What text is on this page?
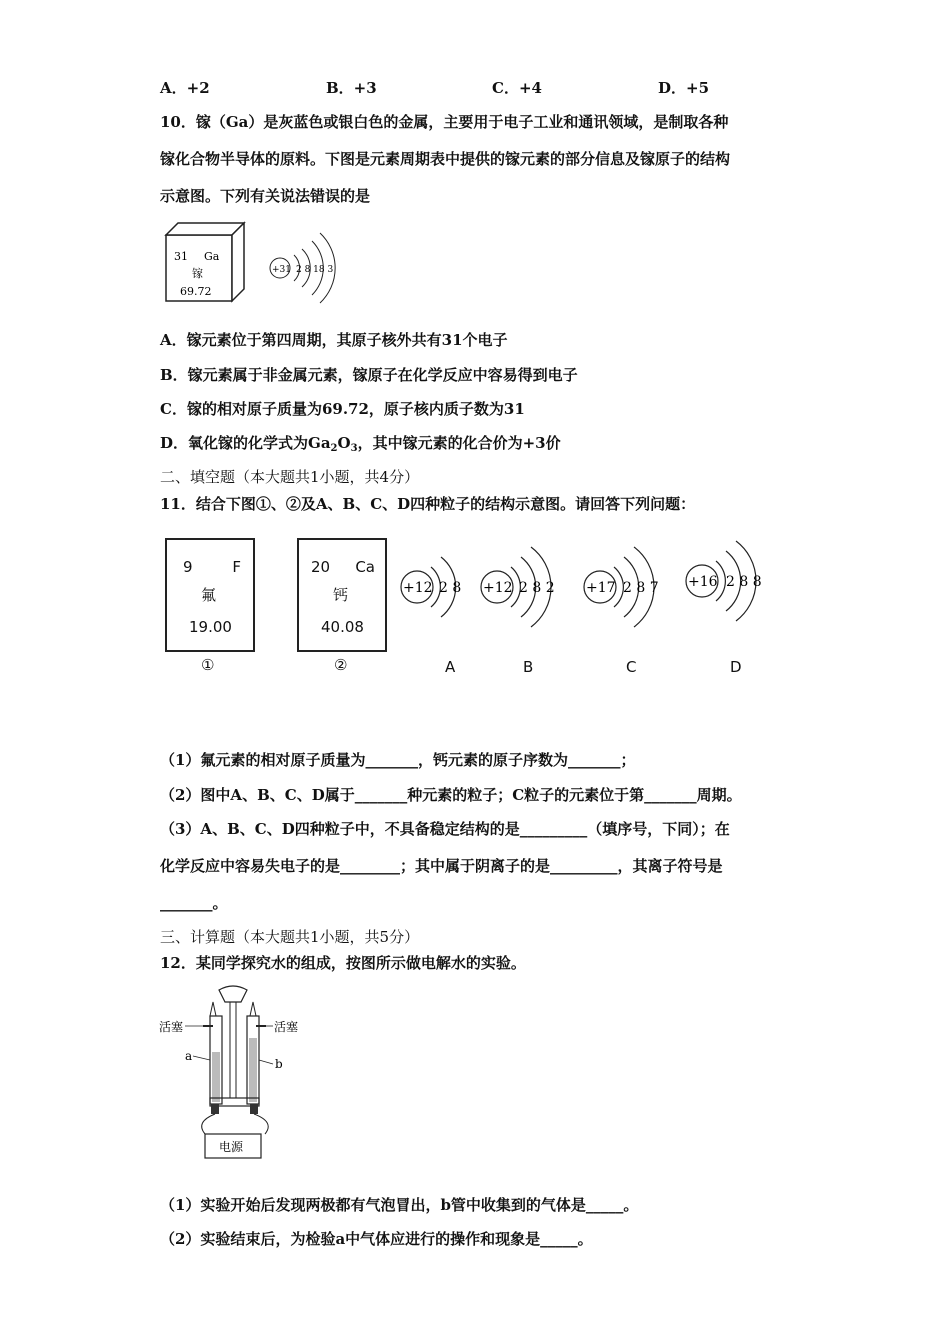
A．+2	B．+3	C．+4	D．+5
10．镓（Ga）是灰蓝色或银白色的金属，主要用于电子工业和通讯领域，是制取各种
镓化合物半导体的原料。下图是元素周期表中提供的镓元素的部分信息及镓原子的结构
示意图。下列有关说法错误的是
31 Ga
镓
69.72
+31 2 8 18 3
A．镓元素位于第四周期，其原子核外共有31个电子
B．镓元素属于非金属元素，镓原子在化学反应中容易得到电子
C．镓的相对原子质量为69.72，原子核内质子数为31
D．氧化镓的化学式为$Ga_2O_3$，其中镓元素的化合价为+3价
二、填空题（本大题共1小题，共4分）
11．结合下图①、②及A、B、C、D四种粒子的结构示意图。请回答下列问题：
9	F
氟
19.00
①
20 Ca
钙
40.08
②
+12 2 8 +12 2 8 2 +17 2 8 7 +16 2 8 8
A	B	C	D
（1）氟元素的相对原子质量为_______，钙元素的原子序数为_______；
（2）图中A、B、C、D属于_______种元素的粒子；C粒子的元素位于第_______周期。
（3）A、B、C、D四种粒子中，不具备稳定结构的是_________（填序号，下同）；在
化学反应中容易失电子的是________；其中属于阴离子的是_________，其离子符号是
_______。
三、计算题（本大题共1小题，共5分）
12．某同学探究水的组成，按图所示做电解水的实验。
活塞	活塞
a
b
电源
（1）实验开始后发现两极都有气泡冒出，b管中收集到的气体是_____。
（2）实验结束后，为检验a中气体应进行的操作和现象是_____。
